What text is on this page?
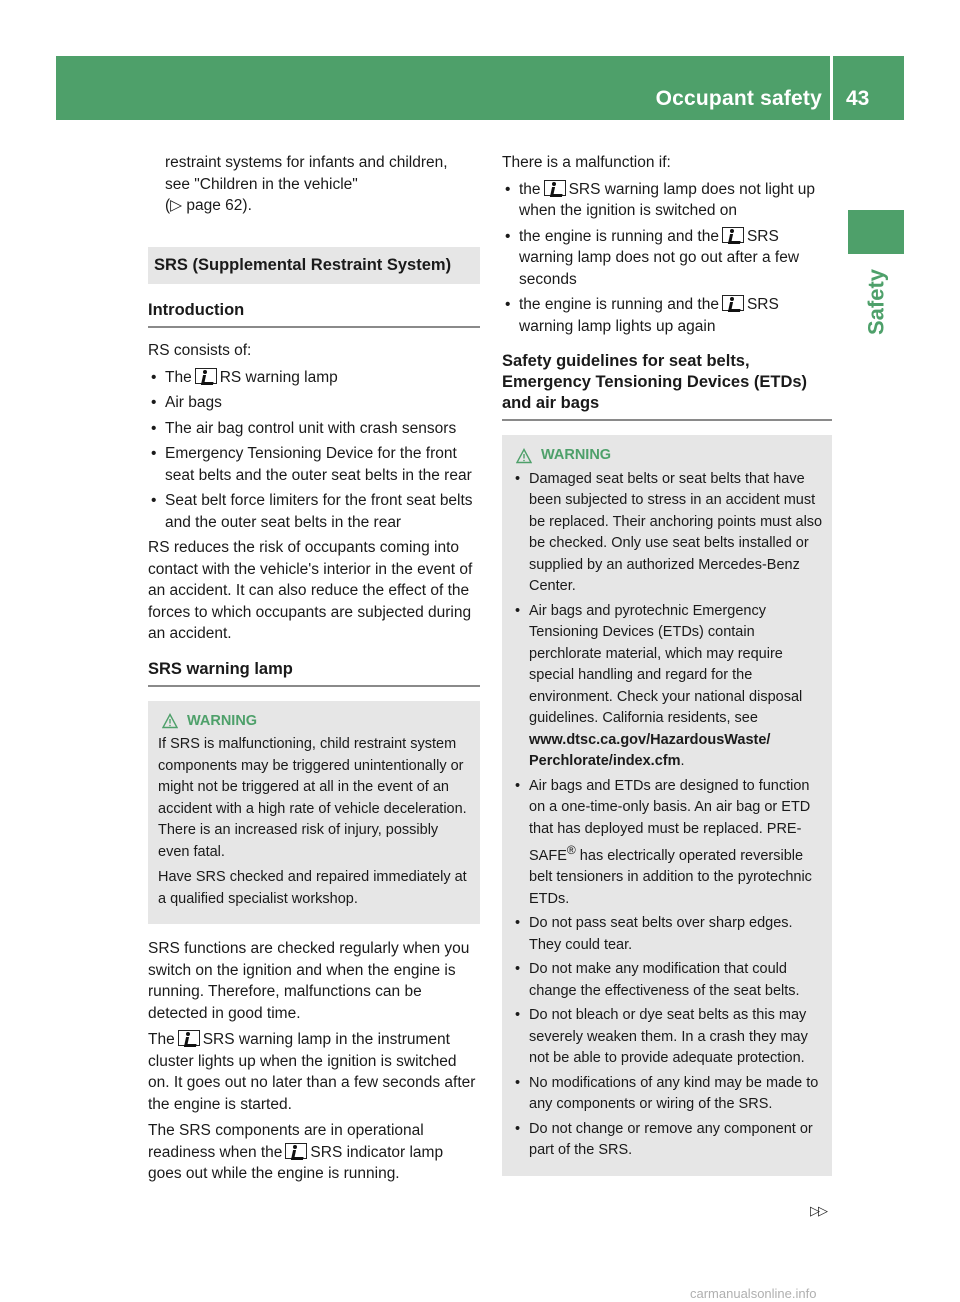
Occupant safety 43
Safety
restraint systems for infants and children,
see "Children in the vehicle"
(▷ page 62).
SRS (Supplemental Restraint System)
Introduction

RS consists of:

• The RS warning lamp
• Air bags
• The air bag control unit with crash sensors
• Emergency Tensioning Device for the front seat belts and the outer seat belts in the rear
• Seat belt force limiters for the front seat belts and the outer seat belts in the rear

RS reduces the risk of occupants coming into contact with the vehicle's interior in the event of an accident. It can also reduce the effect of the forces to which occupants are subjected during an accident.

SRS warning lamp
WARNING

If SRS is malfunctioning, child restraint system components may be triggered unintentionally or might not be triggered at all in the event of an accident with a high rate of vehicle deceleration. There is an increased risk of injury, possibly even fatal.

Have SRS checked and repaired immediately at a qualified specialist workshop.

SRS functions are checked regularly when you switch on the ignition and when the engine is running. Therefore, malfunctions can be detected in good time.

The SRS warning lamp in the instrument cluster lights up when the ignition is switched on. It goes out no later than a few seconds after the engine is started.

The SRS components are in operational readiness when the SRS indicator lamp goes out while the engine is running.

There is a malfunction if:

• the SRS warning lamp does not light up when the ignition is switched on
• the engine is running and the SRS warning lamp does not go out after a few seconds
• the engine is running and the SRS warning lamp lights up again
Safety guidelines for seat belts,
Emergency Tensioning Devices (ETDs)
and air bags
WARNING
• Damaged seat belts or seat belts that have been subjected to stress in an accident must be replaced. Their anchoring points must also be checked. Only use seat belts installed or supplied by an authorized Mercedes-Benz Center.
• Air bags and pyrotechnic Emergency Tensioning Devices (ETDs) contain perchlorate material, which may require special handling and regard for the environment. Check your national disposal guidelines. California residents, see
www.dtsc.ca.gov/HazardousWaste/
Perchlorate/index.cfm.
• Air bags and ETDs are designed to function on a one-time-only basis. An air bag or ETD that has deployed must be replaced. PRE-SAFE® has electrically operated reversible belt tensioners in addition to the pyrotechnic ETDs.
• Do not pass seat belts over sharp edges. They could tear.
• Do not make any modification that could change the effectiveness of the seat belts.
• Do not bleach or dye seat belts as this may severely weaken them. In a crash they may not be able to provide adequate protection.
• No modifications of any kind may be made to any components or wiring of the SRS.
• Do not change or remove any component or part of the SRS.
▷▷
carmanualsonline.info
